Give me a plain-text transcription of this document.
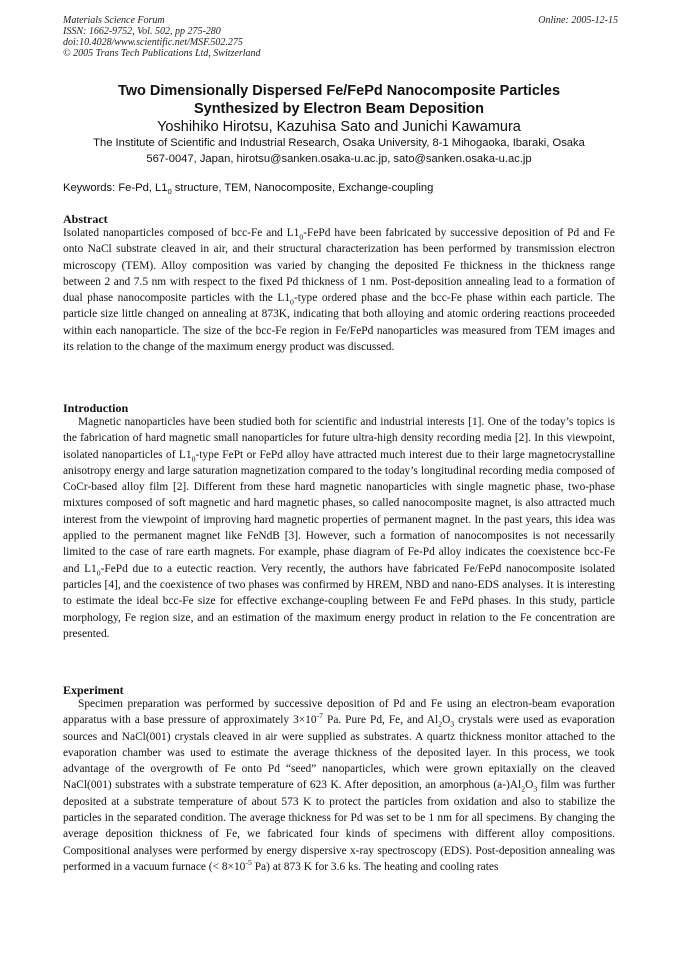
Materials Science Forum
ISSN: 1662-9752, Vol. 502, pp 275-280
doi:10.4028/www.scientific.net/MSF.502.275
© 2005 Trans Tech Publications Ltd, Switzerland
Online: 2005-12-15
Two Dimensionally Dispersed Fe/FePd Nanocomposite Particles
Synthesized by Electron Beam Deposition
Yoshihiko Hirotsu, Kazuhisa Sato and Junichi Kawamura
The Institute of Scientific and Industrial Research, Osaka University, 8-1 Mihogaoka, Ibaraki, Osaka
567-0047, Japan, hirotsu@sanken.osaka-u.ac.jp, sato@sanken.osaka-u.ac.jp
Keywords: Fe-Pd, $L1_0$ structure, TEM, Nanocomposite, Exchange-coupling
Abstract
Isolated nanoparticles composed of bcc-Fe and $L1_0$-FePd have been fabricated by successive deposition of Pd and Fe onto NaCl substrate cleaved in air, and their structural characterization has been performed by transmission electron microscopy (TEM). Alloy composition was varied by changing the deposited Fe thickness in the thickness range between 2 and 7.5 nm with respect to the fixed Pd thickness of 1 nm. Post-deposition annealing lead to a formation of dual phase nanocomposite particles with the $L1_0$-type ordered phase and the bcc-Fe phase within each particle. The particle size little changed on annealing at 873K, indicating that both alloying and atomic ordering reactions proceeded within each nanoparticle. The size of the bcc-Fe region in Fe/FePd nanoparticles was measured from TEM images and its relation to the change of the maximum energy product was discussed.
Introduction
Magnetic nanoparticles have been studied both for scientific and industrial interests [1]. One of the today’s topics is the fabrication of hard magnetic small nanoparticles for future ultra-high density recording media [2]. In this viewpoint, isolated nanoparticles of $L1_0$-type FePt or FePd alloy have attracted much interest due to their large magnetocrystalline anisotropy energy and large saturation magnetization compared to the today’s longitudinal recording media composed of CoCr-based alloy film [2]. Different from these hard magnetic nanoparticles with single magnetic phase, two-phase mixtures composed of soft magnetic and hard magnetic phases, so called nanocomposite magnet, is also attracted much interest from the viewpoint of improving hard magnetic properties of permanent magnet. In the past years, this idea was applied to the permanent magnet like FeNdB [3]. However, such a formation of nanocomposites is not necessarily limited to the case of rare earth magnets. For example, phase diagram of Fe-Pd alloy indicates the coexistence bcc-Fe and $L1_0$-FePd due to a eutectic reaction. Very recently, the authors have fabricated Fe/FePd nanocomposite isolated particles [4], and the coexistence of two phases was confirmed by HREM, NBD and nano-EDS analyses. It is interesting to estimate the ideal bcc-Fe size for effective exchange-coupling between Fe and FePd phases. In this study, particle morphology, Fe region size, and an estimation of the maximum energy product in relation to the Fe concentration are presented.
Experiment
Specimen preparation was performed by successive deposition of Pd and Fe using an electron-beam evaporation apparatus with a base pressure of approximately $3\times 10^{-7}$ Pa. Pure Pd, Fe, and $Al_2O_3$ crystals were used as evaporation sources and NaCl(001) crystals cleaved in air were supplied as substrates. A quartz thickness monitor attached to the evaporation chamber was used to estimate the average thickness of the deposited layer. In this process, we took advantage of the overgrowth of Fe onto Pd “seed” nanoparticles, which were grown epitaxially on the cleaved NaCl(001) substrates with a substrate temperature of 623 K. After deposition, an amorphous $(a-)Al_2O_3$ film was further deposited at a substrate temperature of about 573 K to protect the particles from oxidation and also to stabilize the particles in the separated condition. The average thickness for Pd was set to be 1 nm for all specimens. By changing the average deposition thickness of Fe, we fabricated four kinds of specimens with different alloy compositions. Compositional analyses were performed by energy dispersive x-ray spectroscopy (EDS). Post-deposition annealing was performed in a vacuum furnace (< $8\times 10^{-5}$ Pa) at 873 K for 3.6 ks. The heating and cooling rates
